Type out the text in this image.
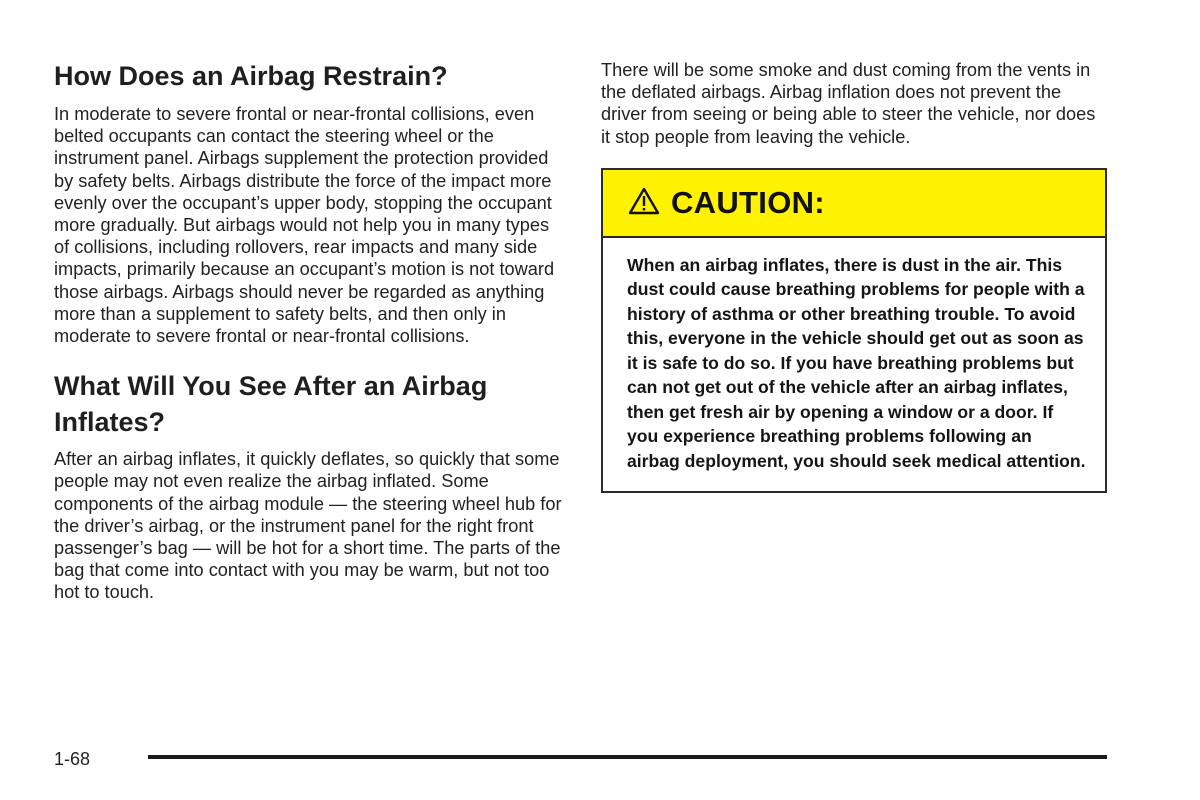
How Does an Airbag Restrain?

In moderate to severe frontal or near-frontal collisions, even belted occupants can contact the steering wheel or the instrument panel. Airbags supplement the protection provided by safety belts. Airbags distribute the force of the impact more evenly over the occupant’s upper body, stopping the occupant more gradually. But airbags would not help you in many types of collisions, including rollovers, rear impacts and many side impacts, primarily because an occupant’s motion is not toward those airbags. Airbags should never be regarded as anything more than a supplement to safety belts, and then only in moderate to severe frontal or near-frontal collisions.

What Will You See After an Airbag Inflates?

After an airbag inflates, it quickly deflates, so quickly that some people may not even realize the airbag inflated. Some components of the airbag module — the steering wheel hub for the driver’s airbag, or the instrument panel for the right front passenger’s bag — will be hot for a short time. The parts of the bag that come into contact with you may be warm, but not too hot to touch.

There will be some smoke and dust coming from the vents in the deflated airbags. Airbag inflation does not prevent the driver from seeing or being able to steer the vehicle, nor does it stop people from leaving the vehicle.

CAUTION:
When an airbag inflates, there is dust in the air. This dust could cause breathing problems for people with a history of asthma or other breathing trouble. To avoid this, everyone in the vehicle should get out as soon as it is safe to do so. If you have breathing problems but can not get out of the vehicle after an airbag inflates, then get fresh air by opening a window or a door. If you experience breathing problems following an airbag deployment, you should seek medical attention.
1-68
